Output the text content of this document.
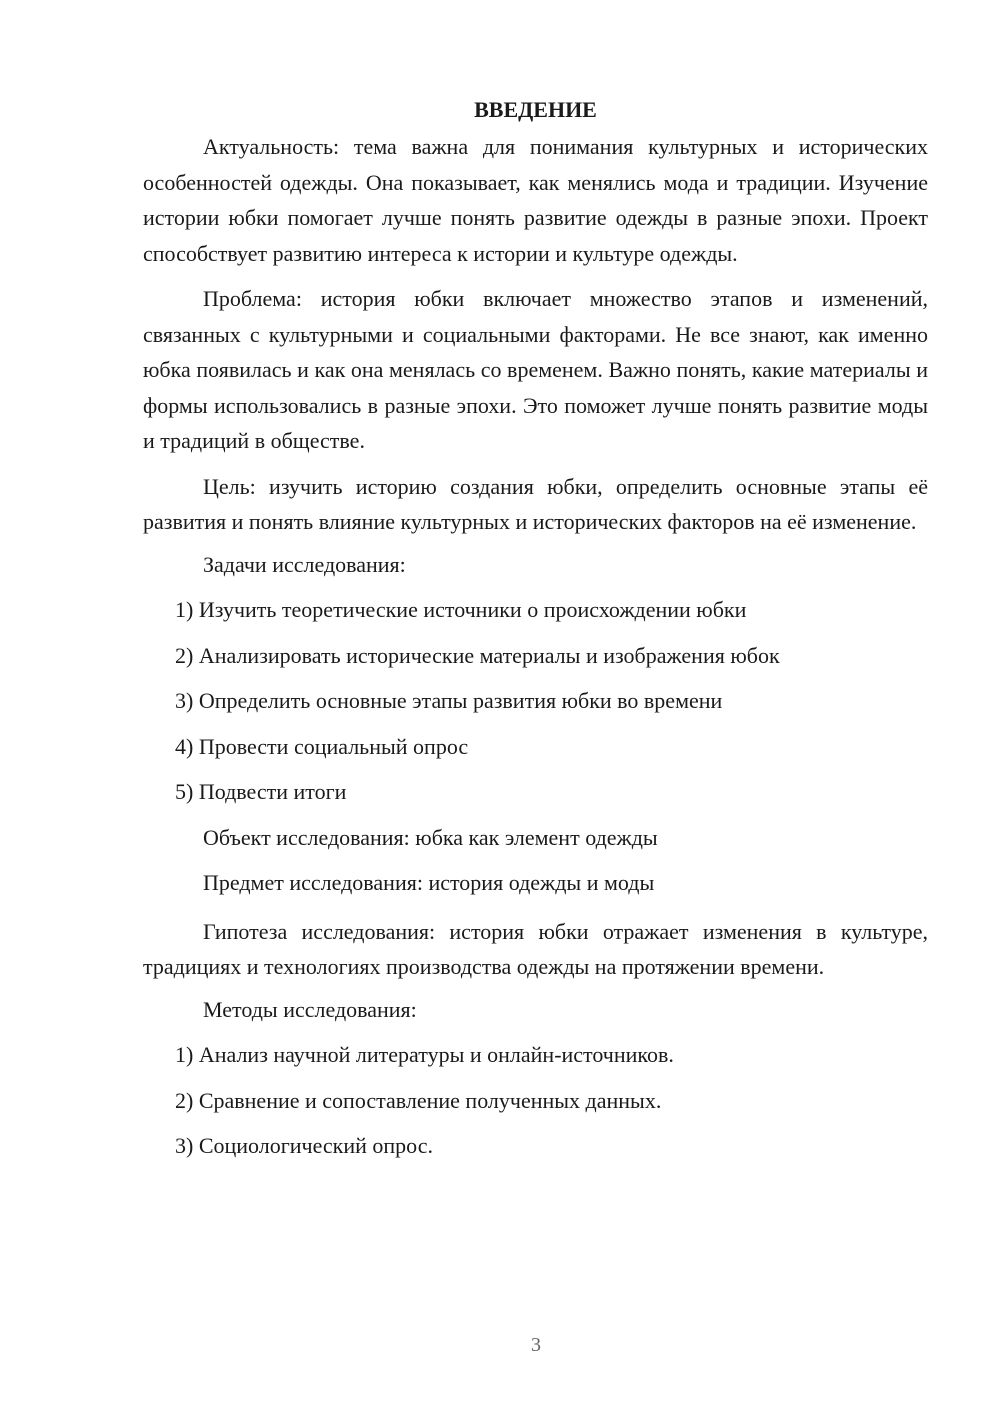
ВВЕДЕНИЕ

Актуальность: тема важна для понимания культурных и исторических особенностей одежды. Она показывает, как менялись мода и традиции. Изучение истории юбки помогает лучше понять развитие одежды в разные эпохи. Проект способствует развитию интереса к истории и культуре одежды.

Проблема: история юбки включает множество этапов и изменений, связанных с культурными и социальными факторами. Не все знают, как именно юбка появилась и как она менялась со временем. Важно понять, какие материалы и формы использовались в разные эпохи. Это поможет лучше понять развитие моды и традиций в обществе.

Цель: изучить историю создания юбки, определить основные этапы её развития и понять влияние культурных и исторических факторов на её изменение.

Задачи исследования:
1) Изучить теоретические источники о происхождении юбки
2) Анализировать исторические материалы и изображения юбок
3) Определить основные этапы развития юбки во времени
4) Провести социальный опрос
5) Подвести итоги
Объект исследования: юбка как элемент одежды
Предмет исследования: история одежды и моды

Гипотеза исследования: история юбки отражает изменения в культуре, традициях и технологиях производства одежды на протяжении времени.

Методы исследования:
1) Анализ научной литературы и онлайн-источников.
2) Сравнение и сопоставление полученных данных.
3) Социологический опрос.
3
